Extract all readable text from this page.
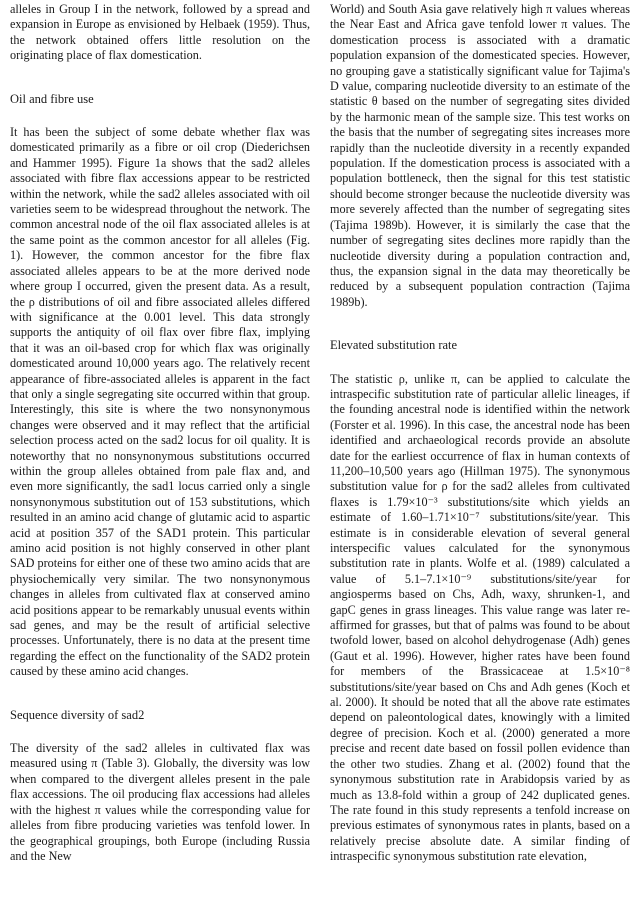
alleles in Group I in the network, followed by a spread and expansion in Europe as envisioned by Helbaek (1959). Thus, the network obtained offers little resolution on the originating place of flax domestication.

Oil and fibre use

It has been the subject of some debate whether flax was domesticated primarily as a fibre or oil crop (Diederichsen and Hammer 1995). Figure 1a shows that the sad2 alleles associated with fibre flax accessions appear to be restricted within the network, while the sad2 alleles associated with oil varieties seem to be widespread throughout the network. The common ancestral node of the oil flax associated alleles is at the same point as the common ancestor for all alleles (Fig. 1). However, the common ancestor for the fibre flax associated alleles appears to be at the more derived node where group I occurred, given the present data. As a result, the ρ distributions of oil and fibre associated alleles differed with significance at the 0.001 level. This data strongly supports the antiquity of oil flax over fibre flax, implying that it was an oil-based crop for which flax was originally domesticated around 10,000 years ago. The relatively recent appearance of fibre-associated alleles is apparent in the fact that only a single segregating site occurred within that group. Interestingly, this site is where the two nonsynonymous changes were observed and it may reflect that the artificial selection process acted on the sad2 locus for oil quality. It is noteworthy that no nonsynonymous substitutions occurred within the group alleles obtained from pale flax and, and even more significantly, the sad1 locus carried only a single nonsynonymous substitution out of 153 substitutions, which resulted in an amino acid change of glutamic acid to aspartic acid at position 357 of the SAD1 protein. This particular amino acid position is not highly conserved in other plant SAD proteins for either one of these two amino acids that are physiochemically very similar. The two nonsynonymous changes in alleles from cultivated flax at conserved amino acid positions appear to be remarkably unusual events within sad genes, and may be the result of artificial selective processes. Unfortunately, there is no data at the present time regarding the effect on the functionality of the SAD2 protein caused by these amino acid changes.

Sequence diversity of sad2

The diversity of the sad2 alleles in cultivated flax was measured using π (Table 3). Globally, the diversity was low when compared to the divergent alleles present in the pale flax accessions. The oil producing flax accessions had alleles with the highest π values while the corresponding value for alleles from fibre producing varieties was tenfold lower. In the geographical groupings, both Europe (including Russia and the New

World) and South Asia gave relatively high π values whereas the Near East and Africa gave tenfold lower π values. The domestication process is associated with a dramatic population expansion of the domesticated species. However, no grouping gave a statistically significant value for Tajima's D value, comparing nucleotide diversity to an estimate of the statistic θ based on the number of segregating sites divided by the harmonic mean of the sample size. This test works on the basis that the number of segregating sites increases more rapidly than the nucleotide diversity in a recently expanded population. If the domestication process is associated with a population bottleneck, then the signal for this test statistic should become stronger because the nucleotide diversity was more severely affected than the number of segregating sites (Tajima 1989b). However, it is similarly the case that the number of segregating sites declines more rapidly than the nucleotide diversity during a population contraction and, thus, the expansion signal in the data may theoretically be reduced by a subsequent population contraction (Tajima 1989b).

Elevated substitution rate

The statistic ρ, unlike π, can be applied to calculate the intraspecific substitution rate of particular allelic lineages, if the founding ancestral node is identified within the network (Forster et al. 1996). In this case, the ancestral node has been identified and archaeological records provide an absolute date for the earliest occurrence of flax in human contexts of 11,200–10,500 years ago (Hillman 1975). The synonymous substitution value for ρ for the sad2 alleles from cultivated flaxes is 1.79×10⁻³ substitutions/site which yields an estimate of 1.60–1.71×10⁻⁷ substitutions/site/year. This estimate is in considerable elevation of several general interspecific values calculated for the synonymous substitution rate in plants. Wolfe et al. (1989) calculated a value of 5.1–7.1×10⁻⁹ substitutions/site/year for angiosperms based on Chs, Adh, waxy, shrunken-1, and gapC genes in grass lineages. This value range was later re-affirmed for grasses, but that of palms was found to be about twofold lower, based on alcohol dehydrogenase (Adh) genes (Gaut et al. 1996). However, higher rates have been found for members of the Brassicaceae at 1.5×10⁻⁸ substitutions/site/year based on Chs and Adh genes (Koch et al. 2000). It should be noted that all the above rate estimates depend on paleontological dates, knowingly with a limited degree of precision. Koch et al. (2000) generated a more precise and recent date based on fossil pollen evidence than the other two studies. Zhang et al. (2002) found that the synonymous substitution rate in Arabidopsis varied by as much as 13.8-fold within a group of 242 duplicated genes. The rate found in this study represents a tenfold increase on previous estimates of synonymous rates in plants, based on a relatively precise absolute date. A similar finding of intraspecific synonymous substitution rate elevation,
